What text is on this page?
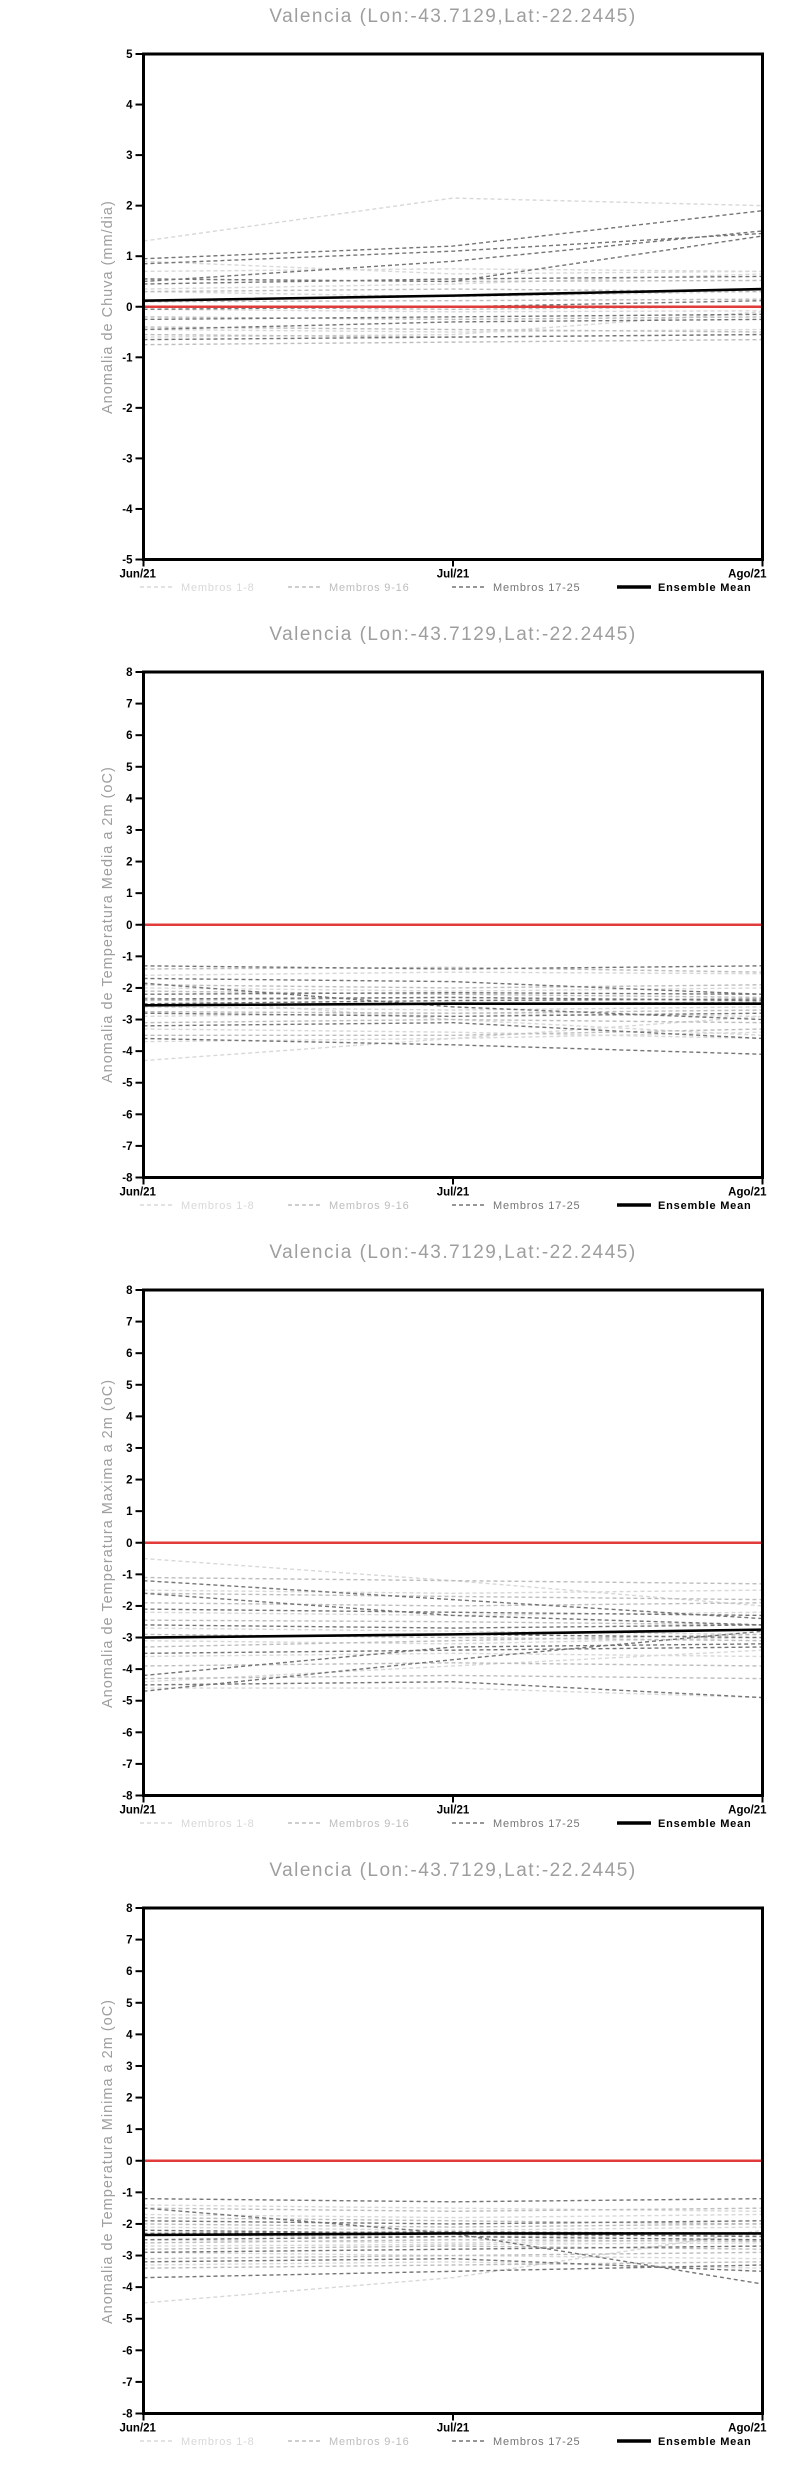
Valencia (Lon:-43.7129,Lat:-22.2445)
Anomalia de Chuva (mm/dia)
5
4
3
2
1
0
-1
-2
-3
-4
-5
Jun/21	Jul/21	Ago/21
Membros 1-8	Membros 9-16	Membros 17-25	Ensemble Mean
Valencia (Lon:-43.7129,Lat:-22.2445)
Anomalia de Temperatura Media a 2m (oC)
8
7
6
5
4
3
2
1
0
-1
-2
-3
-4
-5
-6
-7
-8
Jun/21	Jul/21	Ago/21
Membros 1-8	Membros 9-16	Membros 17-25	Ensemble Mean
Valencia (Lon:-43.7129,Lat:-22.2445)
Anomalia de Temperatura Maxima a 2m (oC)
8
7
6
5
4
3
2
1
0
-1
-2
-3
-4
-5
-6
-7
-8
Jun/21	Jul/21	Ago/21
Membros 1-8	Membros 9-16	Membros 17-25	Ensemble Mean
Valencia (Lon:-43.7129,Lat:-22.2445)
Anomalia de Temperatura Minima a 2m (oC)
8
7
6
5
4
3
2
1
0
-1
-2
-3
-4
-5
-6
-7
-8
Jun/21	Jul/21	Ago/21
Membros 1-8	Membros 9-16	Membros 17-25	Ensemble Mean
